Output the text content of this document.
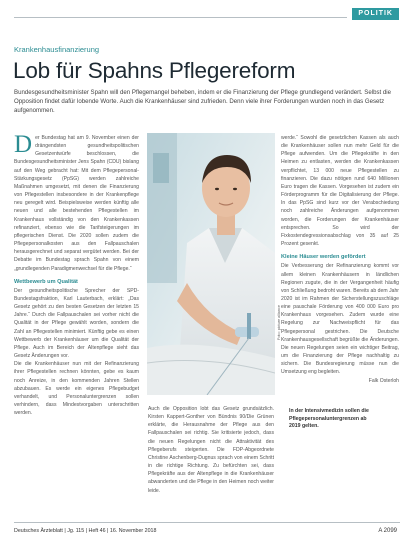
POLITIK
Krankenhausfinanzierung
Lob für Spahns Pflegereform
Bundesgesundheitsminister Spahn will den Pflegemangel beheben, indem er die Finanzierung der Pflege grundlegend verändert. Selbst die Opposition findet dafür lobende Worte. Auch die Krankenhäuser sind zufrieden. Denn viele ihrer Forderungen wurden noch in das Gesetz aufgenommen.
D er Bundestag hat am 9. November einen der drängendsten gesundheitspolitischen Gesetzentwürfe beschlossen, die Bundesgesundheitsminister Jens Spahn (CDU) bislang auf den Weg gebracht hat: Mit dem Pflegepersonal-Stärkungsgesetz (PpSG) werden zahlreiche Maßnahmen umgesetzt, mit denen die Finanzierung von Pflegestellen insbesondere in der Krankenpflege neu geregelt wird. Beispielsweise werden künftig alle neuen und alle bestehenden Pflegestellen im Krankenhaus vollständig von den Krankenkassen refinanziert, ebenso wie die Tarifsteigerungen im pflegerischen Dienst. Die 2020 sollen zudem die Pflegepersonalkosten aus den Fallpauschalen herausgerechnet und separat vergütet werden. Bei der Debatte im Bundestag sprach Spahn von einem „grundlegenden Paradigmenwechsel für die Pflege.“

Wettbewerb um Qualität

Der gesundheitspolitische Sprecher der SPD-Bundestagsfraktion, Karl Lauterbach, erklärt: „Das Gesetz gehört zu den besten Gesetzen der letzten 15 Jahre.“ Durch die Fallpauschalen sei vorher nicht die Qualität in der Pflege gewählt worden, sondern die Zahl an Pflegestellen minimiert. Künftig gebe es einen Wettbewerb der Krankenhäuser um die Qualität der Pflege. Auch im Bereich der Altenpflege sieht das Gesetz Änderungen vor.

Die die Krankenhäuser nun mit der Refinanzierung ihrer Pflegestellen rechnen könnten, gebe es kaum noch Anreize, in den kommenden Jahren Stellen abzubauen. Es werde ein eigenes Pflegebudget verhandelt, und Personaluntergrenzen sollen verhindern, dass Mindestvorgaben unterschritten werden.

Foto: picture alliance

Auch die Opposition lobt das Gesetz grundsätzlich. Kirsten Kappert-Gonther von Bündnis 90/Die Grünen erklärte, die Herausnahme der Pflege aus den Fallpauschalen sei richtig. Sie kritisierte jedoch, dass die neuen Regelungen nicht die Attraktivität des Pflegeberufs steigerten. Die FDP-Abgeordnete Christine Aschenberg-Dugnus sprach von einem Schritt in die richtige Richtung. Zu befürchten sei, dass Pflegekräfte aus der Altenpflege in die Krankenhäuser abwanderten und die Pflege in den Heimen noch weiter leide.

In der Intensivmedizin sollen die Pflegepersonaluntergrenzen ab 2019 gelten.

werde.“ Sowohl die gesetzlichen Kassen als auch die Krankenhäuser sollen nun mehr Geld für die Pflege aufwenden. Um die Pflegekräfte in den Heimen zu entlasten, werden die Krankenkassen verpflichtet, 13 000 neue Pflegestellen zu finanzieren. Die dazu nötigen rund 640 Millionen Euro tragen die Kassen. Vorgesehen ist zudem ein Förderprogramm für die Digitalisierung der Pflege. In das PpSG sind kurz vor der Verabschiedung noch zahlreiche Änderungen aufgenommen worden, die Forderungen der Krankenhäuser entsprechen. So wird der Fixkostendegressionsabschlag von 35 auf 25 Prozent gesenkt.

Kleine Häuser werden gefördert

Die Verbesserung der Refinanzierung kommt vor allem kleinen Krankenhäusern in ländlichen Regionen zugute, die in der Vergangenheit häufig von Schließung bedroht waren. Bereits ab dem Jahr 2020 ist im Rahmen der Sicherstellungszuschläge eine pauschale Förderung von 400 000 Euro pro Krankenhaus vorgesehen. Zudem wurde eine Regelung zur Nachweispflicht für das Pflegepersonal gestrichen. Die Deutsche Krankenhausgesellschaft begrüßte die Änderungen. Die neuen Regelungen seien ein wichtiger Beitrag, um die Finanzierung der Pflege nachhaltig zu sichern. Die Bundesregierung müsse nun die Umsetzung eng begleiten.

Falk Osterloh

Deutsches Ärzteblatt | Jg. 115 | Heft 46 | 16. November 2018	A 2099
